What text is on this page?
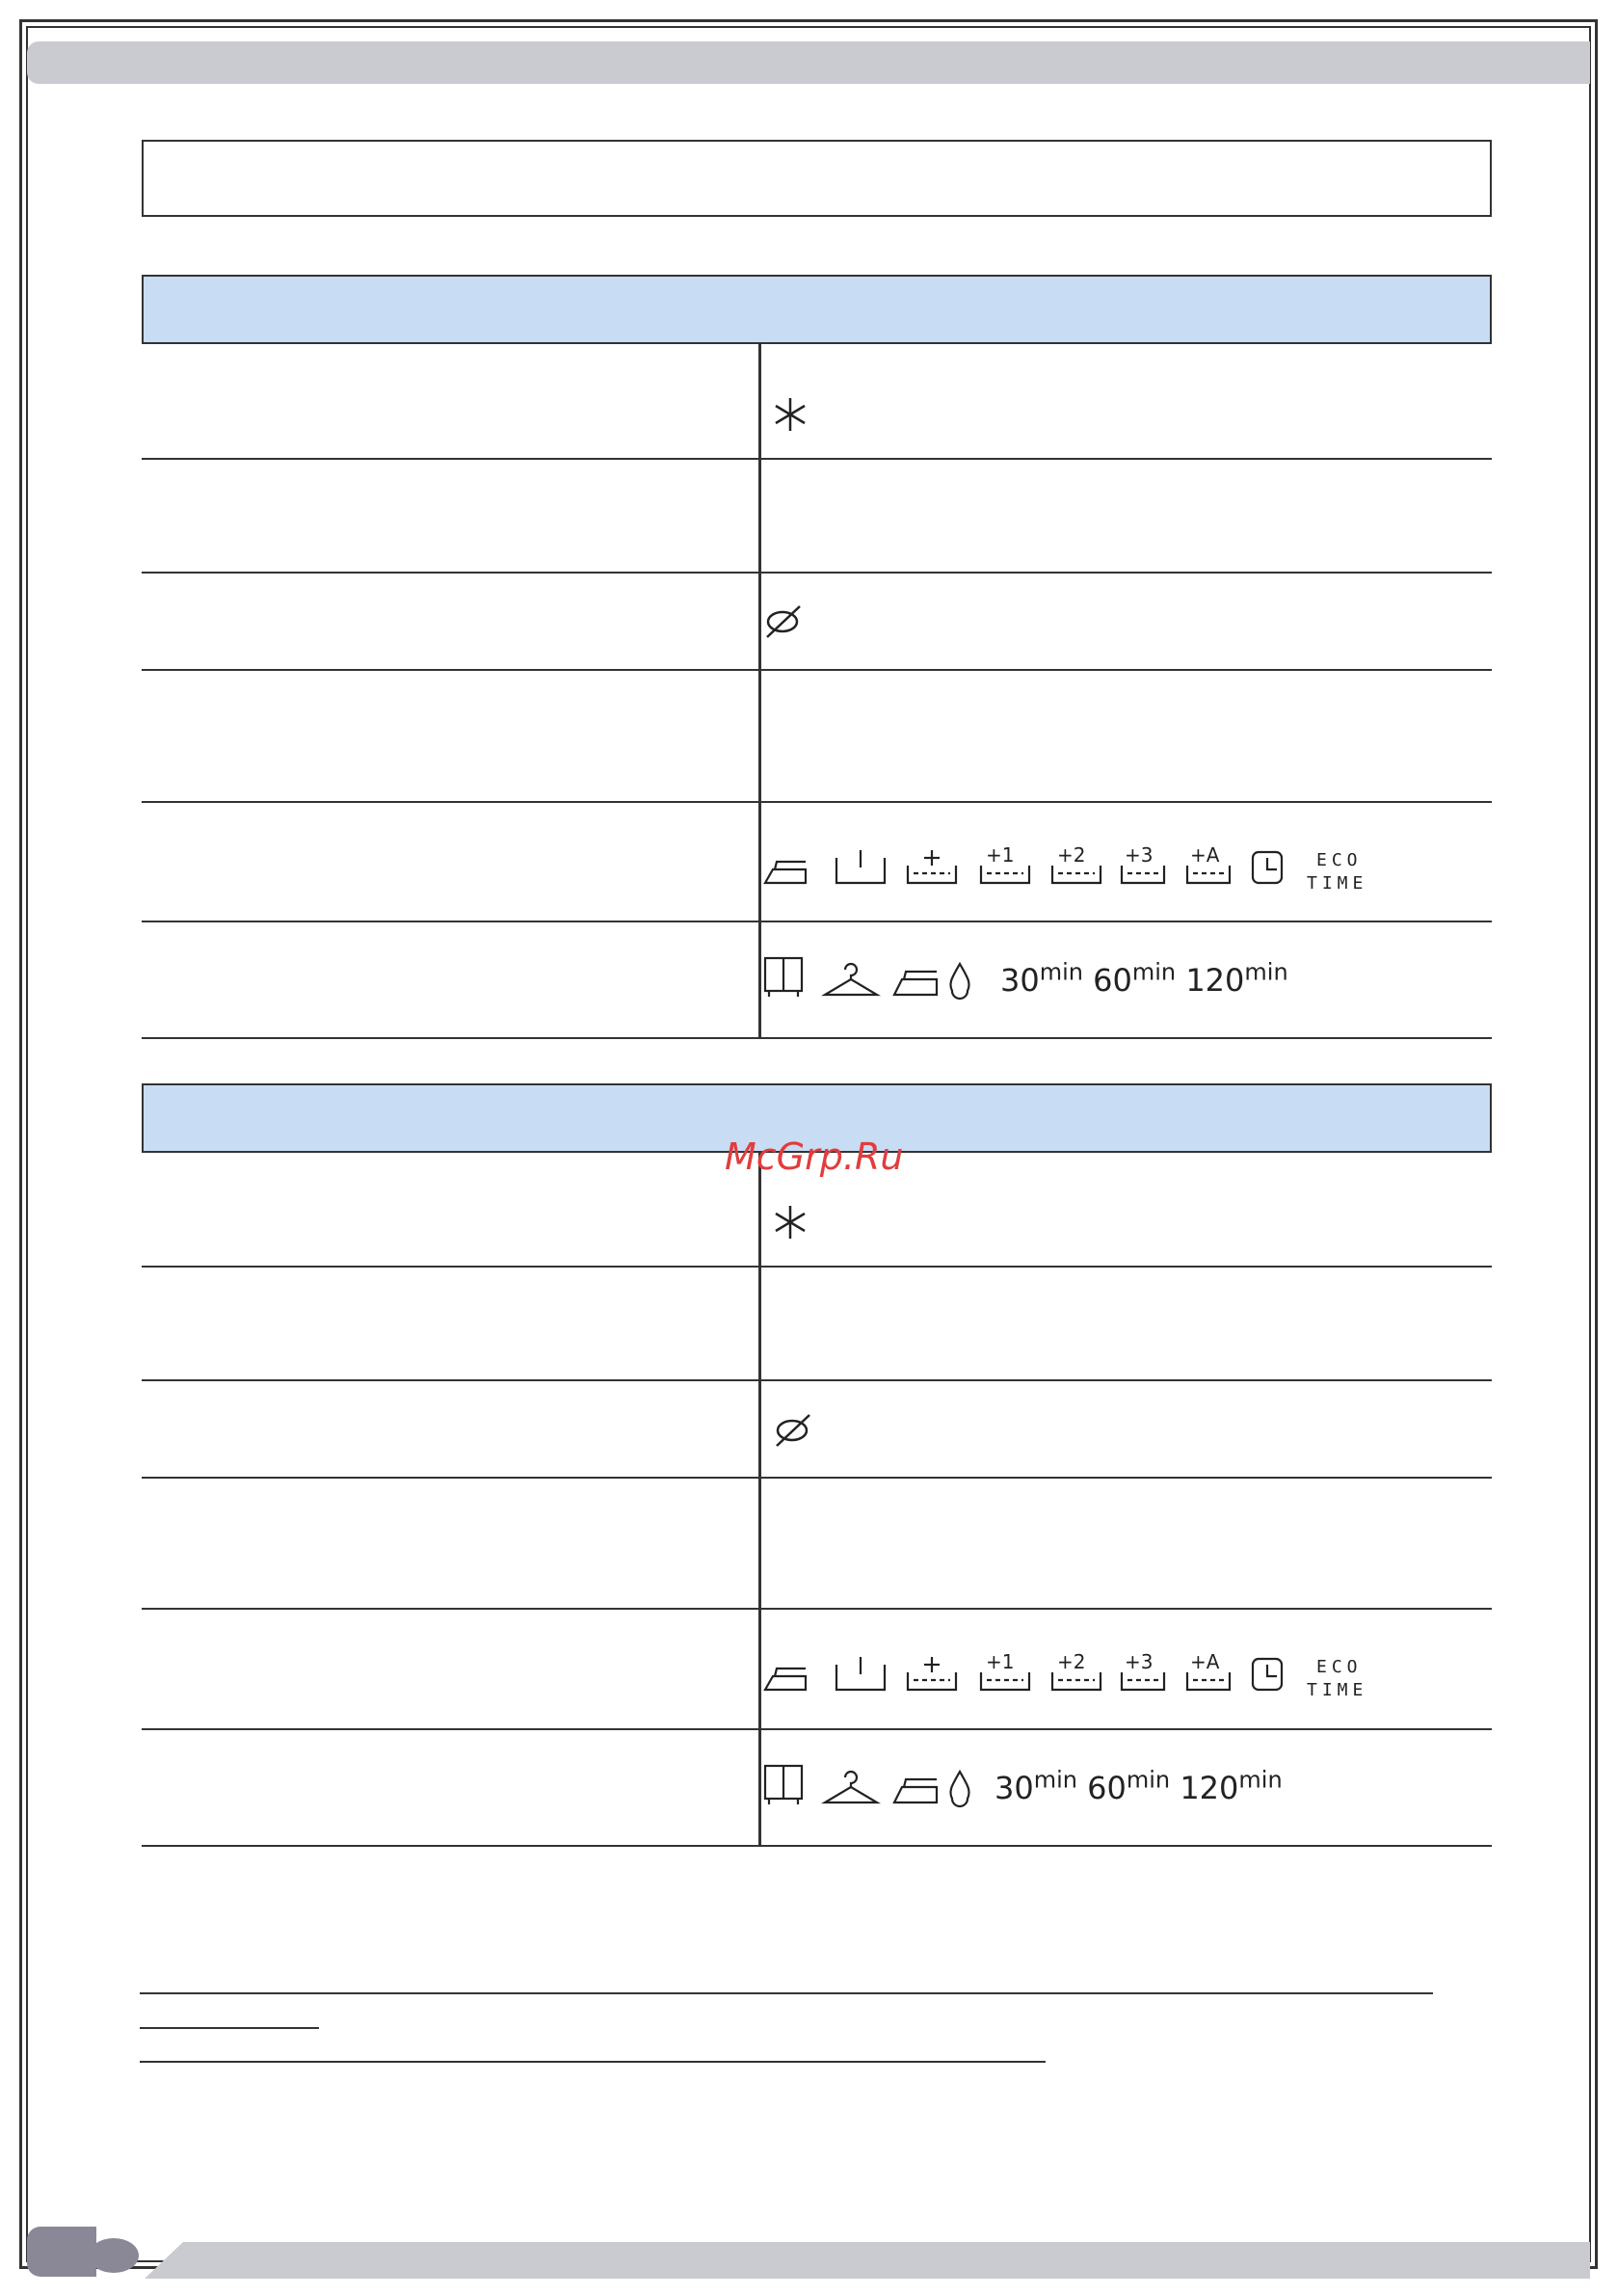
+1 +2 +3 +A	ECO
TIME
$30^{min}$ $60^{min}$ $120^{min}$
McGrp.Ru
+1 +2 +3 +A	ECO
TIME
$30^{min}$ $60^{min}$ $120^{min}$
